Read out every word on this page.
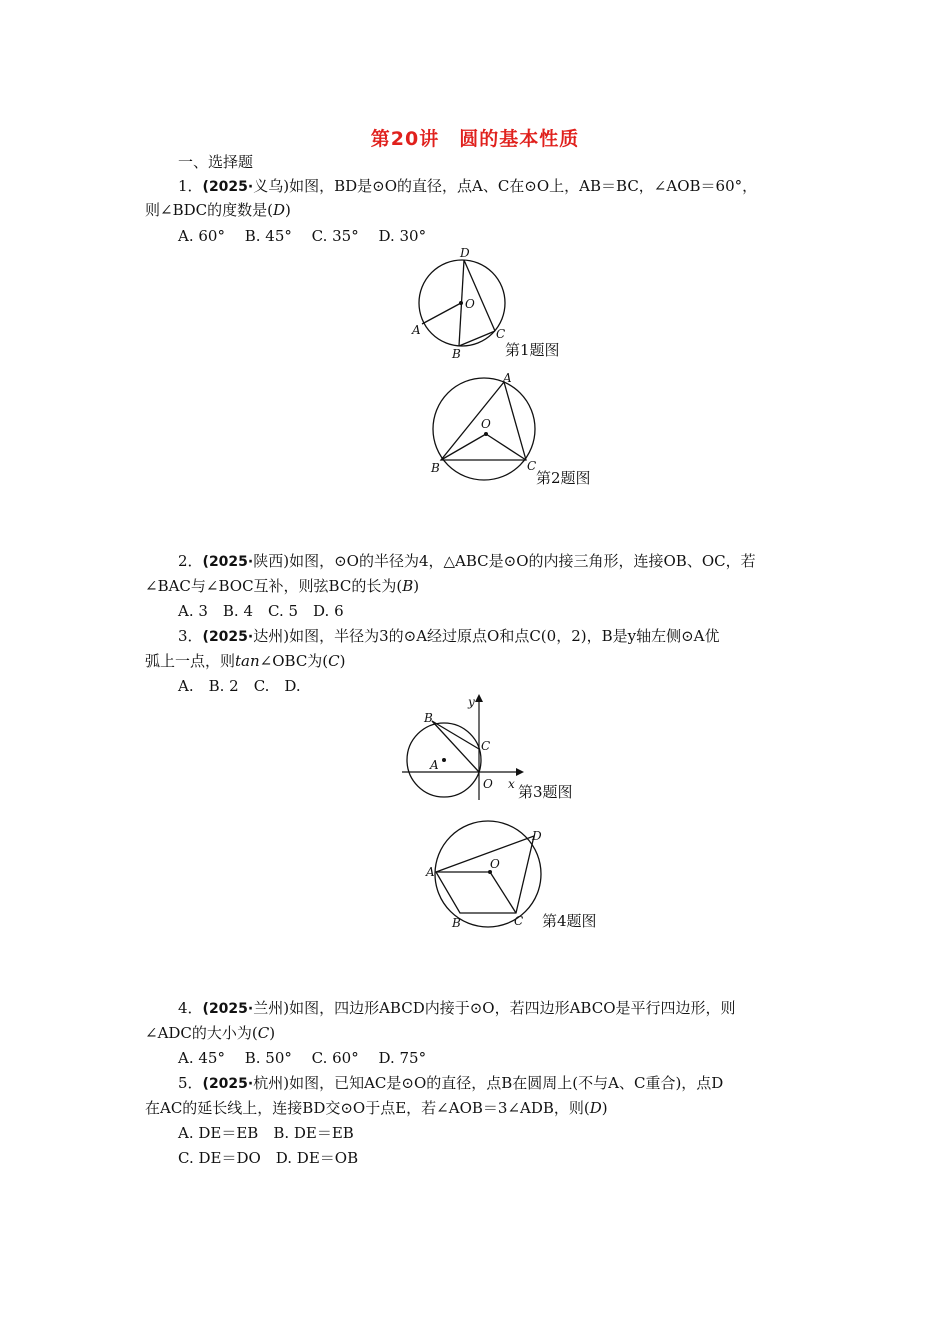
第20讲　圆的基本性质
一、选择题
1．(2025·义乌)如图，BD是⊙O的直径，点A、C在⊙O上，AB＝BC，∠AOB＝60°，
则∠BDC的度数是(D)
A. 60°　 B. 45°　 C. 35°　 D. 30°
D
O
A
B
C
第1题图
A
O
B	C
第2题图
2．(2025·陕西)如图，⊙O的半径为4，△ABC是⊙O的内接三角形，连接OB、OC，若
∠BAC与∠BOC互补，则弦BC的长为(B)
A. 3　B. 4　C. 5　D. 6
3．(2025·达州)如图，半径为3的⊙A经过原点O和点C(0，2)，B是y轴左侧⊙A优
弧上一点，则tan∠OBC为(C)
A.　B. 2　C.　D.
y
x
B
C
A
O 第3题图
A
O
D
B	C 第4题图
4．(2025·兰州)如图，四边形ABCD内接于⊙O，若四边形ABCO是平行四边形，则
∠ADC的大小为(C)
A. 45°　 B. 50°　 C. 60°　 D. 75°
5．(2025·杭州)如图，已知AC是⊙O的直径，点B在圆周上(不与A、C重合)，点D
在AC的延长线上，连接BD交⊙O于点E，若∠AOB＝3∠ADB，则(D)
A. DE＝EB　B. DE＝EB
C. DE＝DO　D. DE＝OB
